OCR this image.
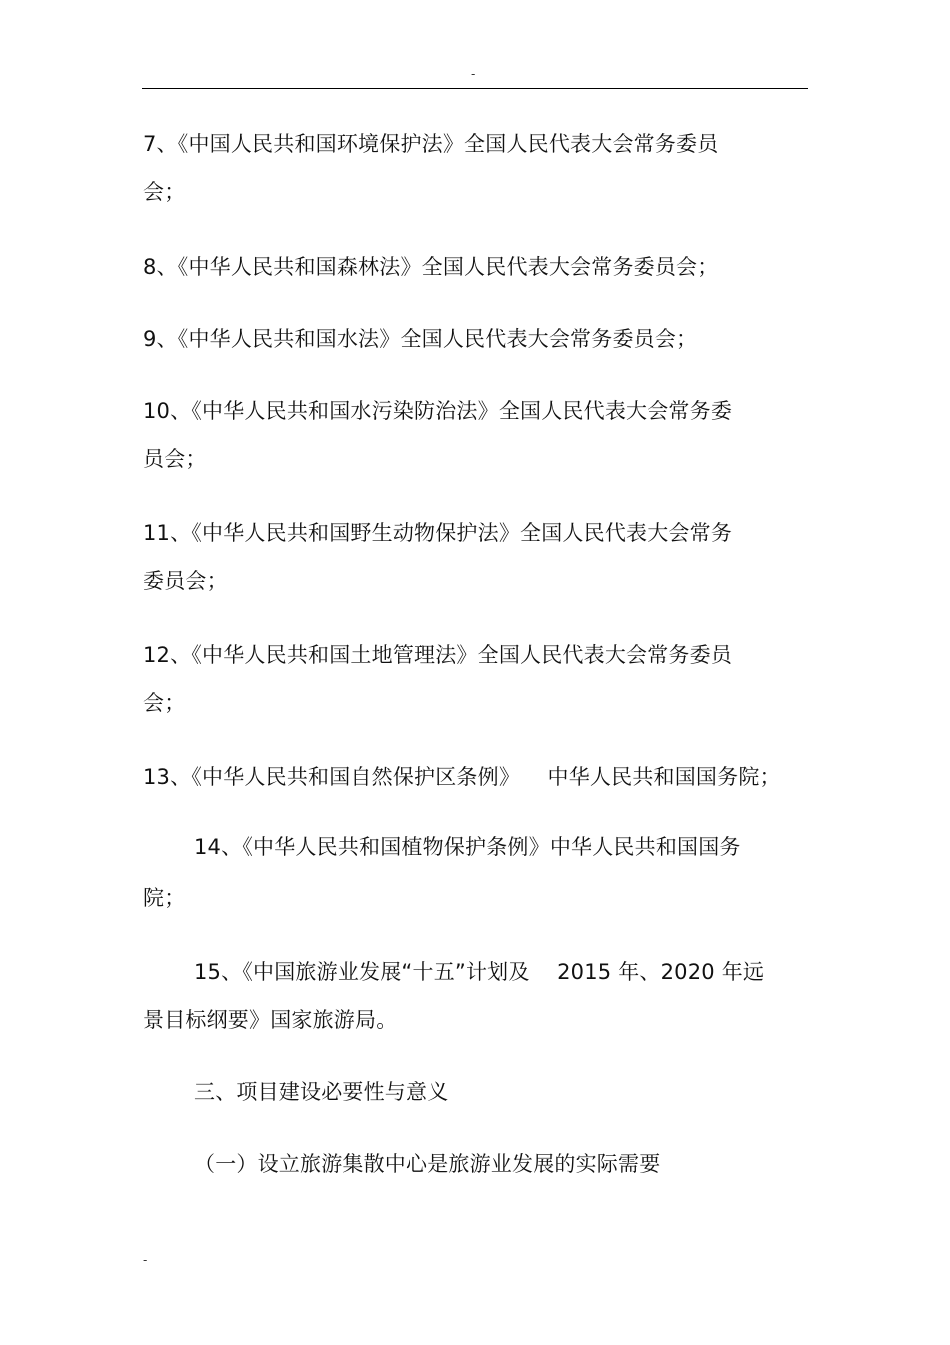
-
7、《中国人民共和国环境保护法》全国人民代表大会常务委员
会；
8、《中华人民共和国森林法》全国人民代表大会常务委员会；
9、《中华人民共和国水法》全国人民代表大会常务委员会；
10、《中华人民共和国水污染防治法》全国人民代表大会常务委
员会；
11、《中华人民共和国野生动物保护法》全国人民代表大会常务
委员会；
12、《中华人民共和国土地管理法》全国人民代表大会常务委员
会；
13、《中华人民共和国自然保护区条例》    中华人民共和国国务院；
14、《中华人民共和国植物保护条例》中华人民共和国国务
院；
15、《中国旅游业发展“十五”计划及    2015 年、2020 年远
景目标纲要》国家旅游局。
三、项目建设必要性与意义
（一）设立旅游集散中心是旅游业发展的实际需要
-
